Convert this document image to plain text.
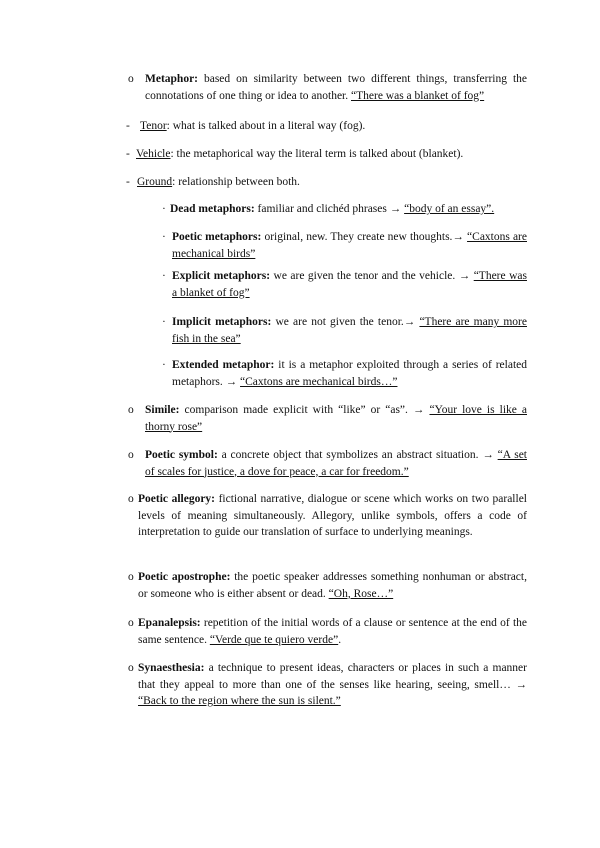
o Metaphor: based on similarity between two different things, transferring the connotations of one thing or idea to another. “There was a blanket of fog”
- Tenor: what is talked about in a literal way (fog).
- Vehicle: the metaphorical way the literal term is talked about (blanket).
- Ground: relationship between both.
· Dead metaphors: familiar and clichéd phrases → “body of an essay”.
· Poetic metaphors: original, new. They create new thoughts.→ “Caxtons are mechanical birds”
· Explicit metaphors: we are given the tenor and the vehicle. → “There was a blanket of fog”
· Implicit metaphors: we are not given the tenor.→ “There are many more fish in the sea”
· Extended metaphor: it is a metaphor exploited through a series of related metaphors. → “Caxtons are mechanical birds…”
o Simile: comparison made explicit with “like” or “as”. → “Your love is like a thorny rose”
o Poetic symbol: a concrete object that symbolizes an abstract situation. → “A set of scales for justice, a dove for peace, a car for freedom.”
o Poetic allegory: fictional narrative, dialogue or scene which works on two parallel levels of meaning simultaneously. Allegory, unlike symbols, offers a code of interpretation to guide our translation of surface to underlying meanings.
o Poetic apostrophe: the poetic speaker addresses something nonhuman or abstract, or someone who is either absent or dead. “Oh, Rose…”
o Epanalepsis: repetition of the initial words of a clause or sentence at the end of the same sentence. “Verde que te quiero verde”.
o Synaesthesia: a technique to present ideas, characters or places in such a manner that they appeal to more than one of the senses like hearing, seeing, smell… → “Back to the region where the sun is silent.”
